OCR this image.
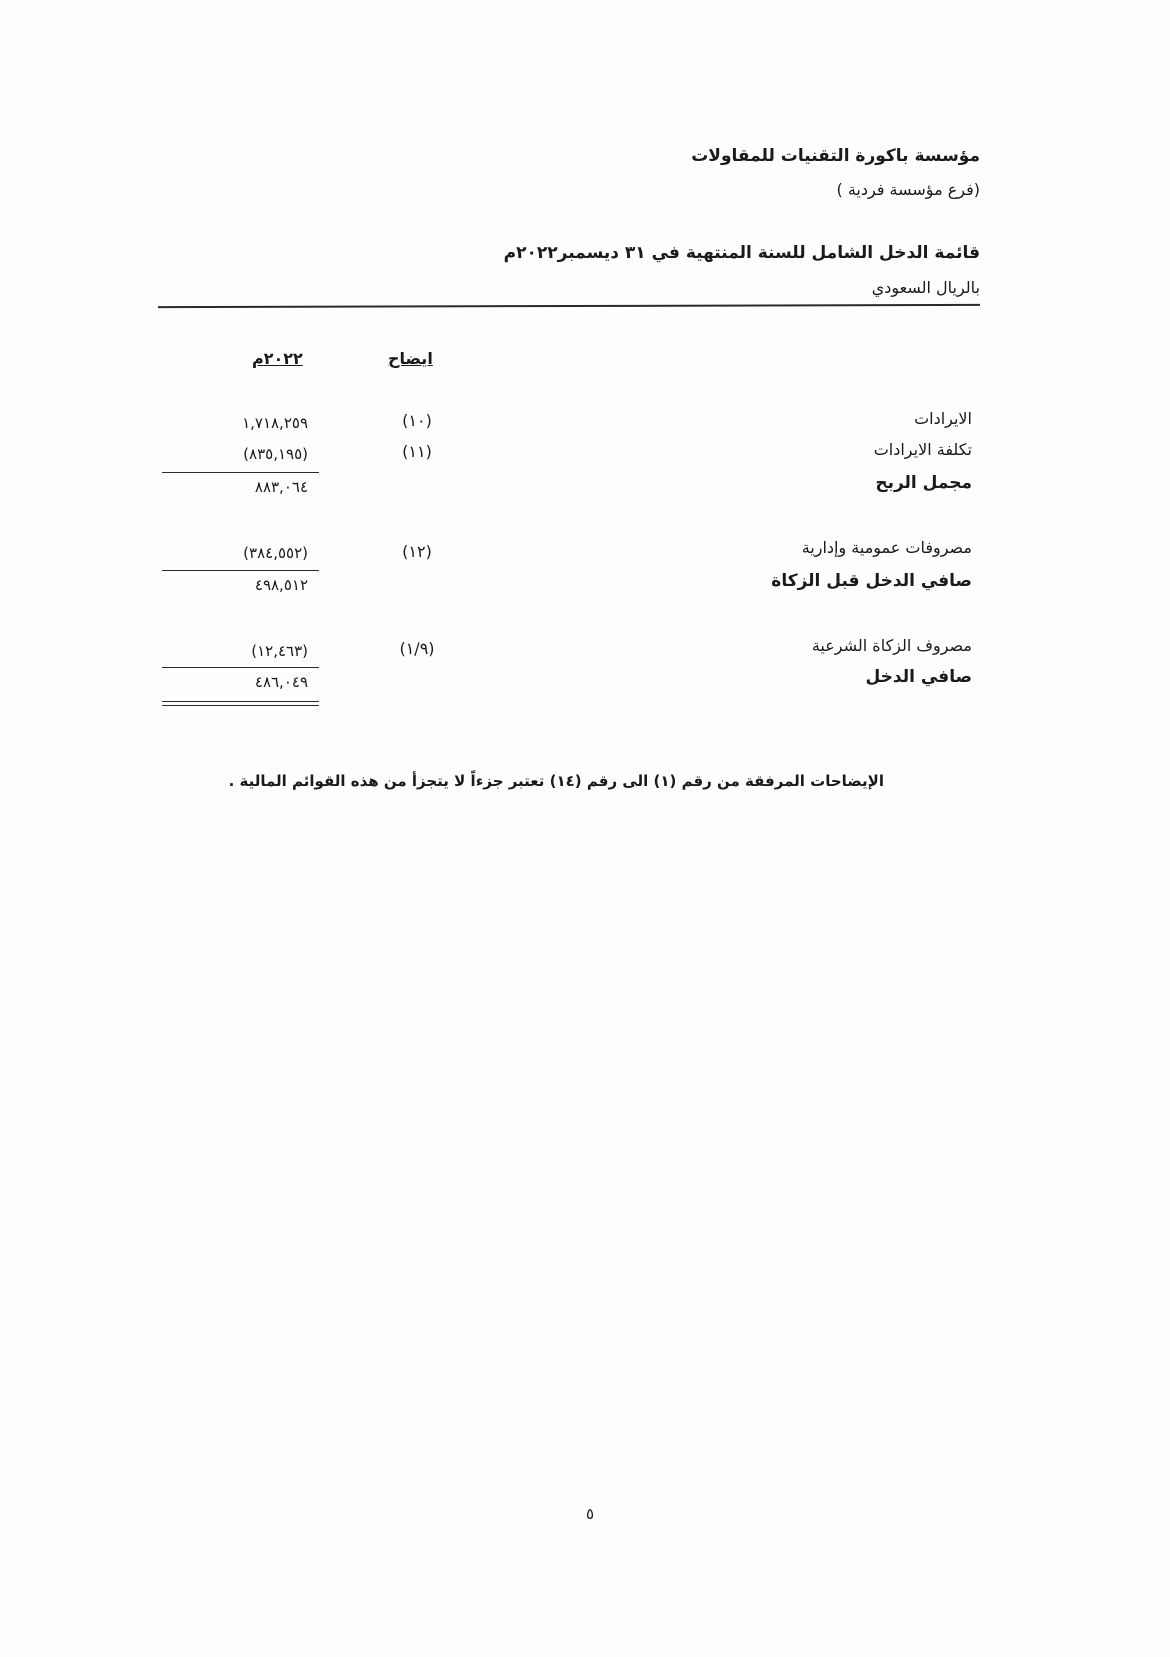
مؤسسة باكورة التقنيات للمقاولات
(فرع مؤسسة فردية )
قائمة الدخل الشامل للسنة المنتهية في ٣١ ديسمبر٢٠٢٢م
بالريال السعودي
ايضاح
٢٠٢٢م
الايرادات
(١٠)
١,٧١٨,٢٥٩
تكلفة الايرادات
(١١)
(٨٣٥,١٩٥)
مجمل الربح
٨٨٣,٠٦٤
مصروفات عمومية وإدارية
(١٢)
(٣٨٤,٥٥٢)
صافي الدخل قبل الزكاة
٤٩٨,٥١٢
مصروف الزكاة الشرعية
(١/٩)
(١٢,٤٦٣)
صافي الدخل
٤٨٦,٠٤٩
الإيضاحات المرفقة من رقم (١) الى رقم (١٤) تعتبر جزءاً لا يتجزأ من هذه القوائم المالية .
٥
